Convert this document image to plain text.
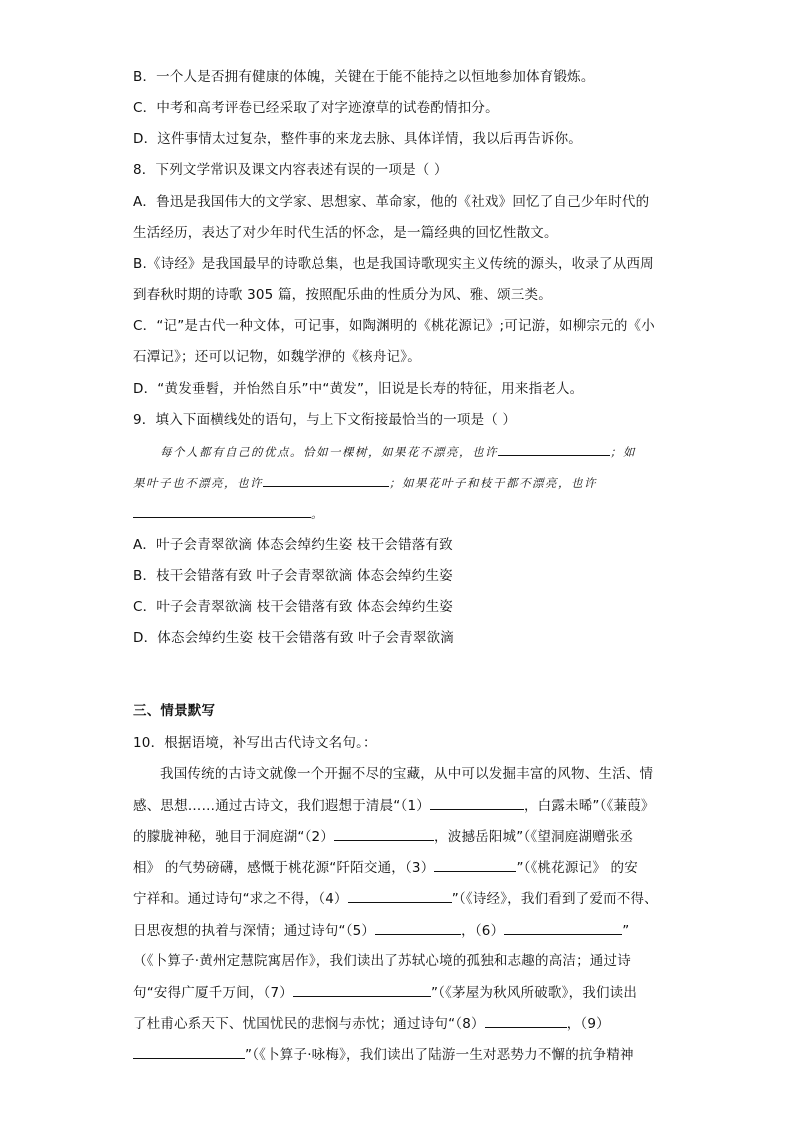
B．一个人是否拥有健康的体魄，关键在于能不能持之以恒地参加体育锻炼。
C．中考和高考评卷已经采取了对字迹潦草的试卷酌情扣分。
D．这件事情太过复杂，整件事的来龙去脉、具体详情，我以后再告诉你。
8．下列文学常识及课文内容表述有误的一项是（ ）
A．鲁迅是我国伟大的文学家、思想家、革命家，他的《社戏》回忆了自己少年时代的
生活经历，表达了对少年时代生活的怀念，是一篇经典的回忆性散文。
B.《诗经》是我国最早的诗歌总集，也是我国诗歌现实主义传统的源头，收录了从西周
到春秋时期的诗歌 305 篇，按照配乐曲的性质分为风、雅、颂三类。
C．“记”是古代一种文体，可记事，如陶渊明的《桃花源记》;可记游，如柳宗元的《小
石潭记》；还可以记物，如魏学洢的《核舟记》。
D．“黄发垂髫，并怡然自乐”中“黄发”，旧说是长寿的特征，用来指老人。
9．填入下面横线处的语句，与上下文衔接最恰当的一项是（ ）
每个人都有自己的优点。恰如一棵树，如果花不漂亮，也许	；如
果叶子也不漂亮，也许	；如果花叶子和枝干都不漂亮，也许
。
A．叶子会青翠欲滴 体态会绰约生姿 枝干会错落有致
B．枝干会错落有致 叶子会青翠欲滴 体态会绰约生姿
C．叶子会青翠欲滴 枝干会错落有致 体态会绰约生姿
D．体态会绰约生姿 枝干会错落有致 叶子会青翠欲滴
三、情景默写
10．根据语境，补写出古代诗文名句。：
我国传统的古诗文就像一个开掘不尽的宝藏，从中可以发掘丰富的风物、生活、情
感、思想……通过古诗文，我们遐想于清晨“（1）	，白露未晞”（《蒹葭》
的朦胧神秘，驰目于洞庭湖“（2）	，波撼岳阳城”（《望洞庭湖赠张丞
相》 的气势磅礴，感慨于桃花源“阡陌交通，（3）	”（《桃花源记》 的安
宁祥和。通过诗句“求之不得，（4）	”（《诗经》，我们看到了爱而不得、
日思夜想的执着与深情；通过诗句“（5）	，（6）	”
（《卜算子·黄州定慧院寓居作》，我们读出了苏轼心境的孤独和志趣的高洁；通过诗
句“安得广厦千万间，（7）	”（《茅屋为秋风所破歌》，我们读出
了杜甫心系天下、忧国忧民的悲悯与赤忱；通过诗句“（8）	，（9）
”（《卜算子·咏梅》，我们读出了陆游一生对恶势力不懈的抗争精神
